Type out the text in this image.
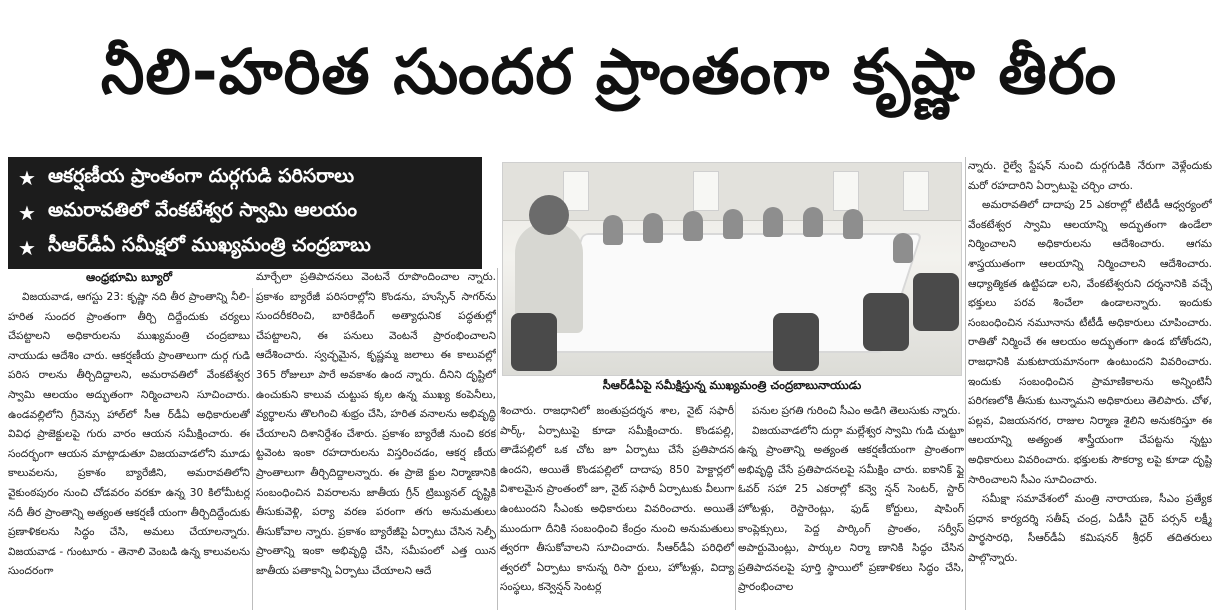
నీలి-హరిత సుందర ప్రాంతంగా కృష్ణా తీరం
★ ఆకర్షణీయ ప్రాంతంగా దుర్గగుడి పరిసరాలు
★ అమరావతిలో వేంకటేశ్వర స్వామి ఆలయం
★ సీఆర్‌డీఏ సమీక్షలో ముఖ్యమంత్రి చంద్రబాబు
ఆంధ్రభూమి బ్యూరో
సీఆర్‌డీఏపై సమీక్షిస్తున్న ముఖ్యమంత్రి చంద్రబాబునాయుడు

విజయవాడ, ఆగస్టు 23: కృష్ణా నది తీర ప్రాంతాన్ని నీలి-హరిత సుందర ప్రాంతంగా తీర్చి దిద్దేందుకు చర్యలు చేపట్టాలని అధికారులను ముఖ్యమంత్రి చంద్రబాబు నాయుడు ఆదేశిం చారు. ఆకర్షణీయ ప్రాంతాలుగా దుర్గ గుడి పరిస రాలను తీర్చిదిద్దాలని, అమరావతిలో వేంకటేశ్వర స్వామి ఆలయం అద్భుతంగా నిర్మించాలని సూచించారు. ఉండవల్లిలోని గ్రీవెన్సు హాల్‌లో సీఆ ర్‌డీఏ అధికారులతో వివిధ ప్రాజెక్టులపై గురు వారం ఆయన సమీక్షించారు. ఈ సందర్భంగా ఆయన మాట్లాడుతూ విజయవాడలోని మూడు కాలువలను, ప్రకాశం బ్యారేజీని, అమరావతిలోని వైకుంఠపురం నుంచి చోడవరం వరకూ ఉన్న 30 కిలోమీటర్ల నదీ తీర ప్రాంతాన్ని అత్యంత ఆకర్షణీ యంగా తీర్చిదిద్దేందుకు ప్రణాళికలను సిద్ధం చేసి, అమలు చేయాలన్నారు. విజయవాడ - గుంటూరు - తెనాలి వెంబడి ఉన్న కాలువలను సుందరంగా

మార్చేలా ప్రతిపాదనలు వెంటనే రూపొందించాల న్నారు. ప్రకాశం బ్యారేజీ పరిసరాల్లోని కొండను, హుస్సేన్ సాగర్‌ను సుందరీకరించి, బారికేడింగ్ అత్యాధునిక పద్ధతుల్లో చేపట్టాలని, ఈ పనులు వెంటనే ప్రారంభించాలని ఆదేశించారు. స్వచ్ఛమైన, కృష్ణమ్మ జలాలు ఈ కాలువల్లో 365 రోజులూ పారే అవకాశం ఉంద న్నారు. దీనిని దృష్టిలో ఉంచుకుని కాలువ చుట్టుప క్కల ఉన్న ముఖ్య కంపెనీలు, వ్యర్థాలను తొలగించి శుభ్రం చేసి, హరిత వనాలను అభివృద్ధి చేయాలని దిశానిర్దేశం చేశారు. ప్రకాశం బ్యారేజీ నుంచి కరక ట్టవెంట ఇంకా రహదారులను విస్తరించడం, ఆకర్ష ణీయ ప్రాంతాలుగా తీర్చిదిద్దాలన్నారు. ఈ ప్రాజె క్టుల నిర్మాణానికి సంబంధించిన వివరాలను జాతీయ గ్రీన్ ట్రిబ్యునల్ దృష్టికి తీసుకువెళ్లి, పర్యా వరణ పరంగా తగు అనుమతులు తీసుకోవాల న్నారు. ప్రకాశం బ్యారేజీపై ఏర్పాటు చేసిన సెల్ఫీ ప్రాంతాన్ని ఇంకా అభివృద్ధి చేసి, సమీపంలో ఎత్త యిన జాతీయ పతాకాన్ని ఏర్పాటు చేయాలని ఆదే

శించారు. రాజధానిలో జంతుప్రదర్శన శాల, నైట్ సఫారీ పార్క్, ఏర్పాటుపై కూడా సమీక్షించారు. కొండపల్లి, తాడేపల్లిలో ఒక చోట జూ ఏర్పాటు చేసే ప్రతిపాదన ఉందని, అయితే కొండపల్లిలో దాదాపు 850 హెక్టార్లలో విశాలమైన ప్రాంతంలో జూ, నైట్ సఫారీ ఏర్పాటుకు వీలుగా ఉంటుందని సీఎంకు అధికారులు వివరించారు. అయితే ముందుగా దీనికి సంబంధించి కేంద్రం నుంచి అనుమతులు త్వరగా తీసుకోవాలని సూచించారు. సీఆర్‌డీఏ పరిధిలో త్వరలో ఏర్పాటు కానున్న రిసా ర్టులు, హోటళ్లు, విద్యా సంస్థలు, కన్వెన్షన్ సెంటర్ల

పనుల ప్రగతి గురించి సీఎం అడిగి తెలుసుకు న్నారు.

విజయవాడలోని దుర్గా మల్లేశ్వర స్వామి గుడి చుట్టూ ఉన్న ప్రాంతాన్ని అత్యంత ఆకర్షణీయంగా ప్రాంతంగా అభివృద్ధి చేసే ప్రతిపాదనలపై సమీక్షిం చారు. ఐకానిక్ ఫ్లై ఓవర్ సహా 25 ఎకరాల్లో కన్వె న్షన్ సెంటర్, స్టార్ హోటళ్లు, రెస్టారెంట్లు, ఫుడ్ కోర్టులు, షాపింగ్ కాంప్లెక్సులు, పెద్ద పార్కింగ్ ప్రాంతం, సర్వీస్ అపార్టుమెంట్లు, పార్కుల నిర్మా ణానికి సిద్ధం చేసిన ప్రతిపాదనలపై పూర్తి స్థాయిలో ప్రణాళికలు సిద్ధం చేసి, ప్రారంభించాల

న్నారు. రైల్వే స్టేషన్ నుంచి దుర్గగుడికి నేరుగా వెళ్లేందుకు మరో రహదారిని ఏర్పాటుపై చర్చిం చారు.

అమరావతిలో దాదాపు 25 ఎకరాల్లో టీటీడీ ఆధ్వర్యంలో వేంకటేశ్వర స్వామి ఆలయాన్ని అద్భుతంగా ఉండేలా నిర్మించాలని అధికారులను ఆదేశించారు. ఆగమ శాస్త్రయుతంగా ఆలయాన్ని నిర్మించాలని ఆదేశించారు. ఆధ్యాత్మికత ఉట్టిపడా లని, వేంకటేశ్వరుని దర్శనానికి వచ్చే భక్తులు పరవ శించేలా ఉండాలన్నారు. ఇందుకు సంబంధించిన నమూనాను టీటీడీ అధికారులు చూపించారు. రాతితో నిర్మించే ఈ ఆలయం అద్భుతంగా ఉండ బోతోందని, రాజధానికి మకుటాయమానంగా ఉంటుందని వివరించారు. ఇందుకు సంబంధించిన ప్రామాణికాలను అన్నింటినీ పరిగణలోకి తీసుకు టున్నామని అధికారులు తెలిపారు. చోళ, పల్లవ, విజయనగర, రాజుల నిర్మాణ శైలిని అనుకరిస్తూ ఈ ఆలయాన్ని అత్యంత శాస్త్రీయంగా చేపట్టను న్నట్టు అధికారులు వివరించారు. భక్తులకు సౌకర్యా లపై కూడా దృష్టి సారించాలని సీఎం సూచించారు.

సమీక్షా సమావేశంలో మంత్రి నారాయణ, సీఎం ప్రత్యేక ప్రధాన కార్యదర్శి సతీష్ చంద్ర, ఏడీసీ చైర్ పర్సన్ లక్ష్మీ పార్థసారధి, సీఆర్‌డీఏ కమిషనర్ శ్రీధర్ తదితరులు పాల్గొన్నారు.
